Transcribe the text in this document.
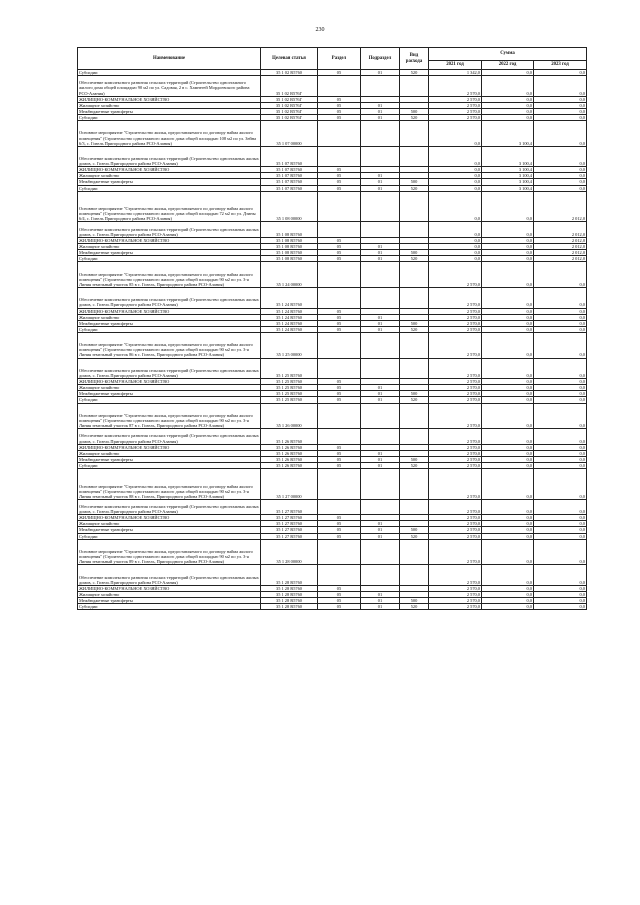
230
Наименование	Целевая статья	Раздел	Подраздел	Вид расхода	Сумма		
					2021 год	2022 год	2023 год
Субсидии	35 1 02 R5760	05	01	520	1 342,0	0,0	0,0
Обеспечение комплексного развития сельских территорий (Строительство одноэтажного жилого дома общей площадью 90 м2 по ул. Садовая, 2 в с. Хамнегей Мордоевского района РСО-Алания)	35 1 02 R576Г				2 570,0	0,0	0,0
ЖИЛИЩНО-КОММУНАЛЬНОЕ ХОЗЯЙСТВО	35 1 02 R576Г	05			2 570,0	0,0	0,0
Жилищное хозяйство	35 1 02 R576Г	05	01		2 570,0	0,0	0,0
Межбюджетные трансферты	35 1 02 R576Г	05	01	500	2 570,0	0,0	0,0
Субсидии	35 1 02 R576Г	05	01	520	2 570,0	0,0	0,0
Основное мероприятие "Строительство жилья, предоставляемого по договору найма жилого помещения" (Строительство одноэтажного жилого дома общей площадью 108 м2 по ул. Зейна 6/3, с. Гизель Пригородного района РСО-Алания)	35 1 07 00000				0,0	3 100,4	0,0
Обеспечение комплексного развития сельских территорий (Строительство одноэтажных жилых домов, с. Гизель Пригородного района РСО-Алания)	35 1 07 R5760				0,0	3 100,4	0,0
ЖИЛИЩНО-КОММУНАЛЬНОЕ ХОЗЯЙСТВО	35 1 07 R5760	05			0,0	3 100,4	0,0
Жилищное хозяйство	35 1 07 R5760	05	01		0,0	3 100,4	0,0
Межбюджетные трансферты	35 1 07 R5760	05	01	500	0,0	3 100,4	0,0
Субсидии	35 1 07 R5760	05	01	520	0,0	3 100,4	0,0
Основное мероприятие "Строительство жилья, предоставляемого по договору найма жилого помещения" (Строительство одноэтажного жилого дома общей площадью 72 м2 по ул. Дзины 6/4, с. Гизель Пригородного района РСО-Алания)	35 1 08 00000				0,0	0,0	2 012,0
Обеспечение комплексного развития сельских территорий (Строительство одноэтажных жилых домов, с. Гизель Пригородного района РСО-Алания)	35 1 08 R5760				0,0	0,0	2 012,0
ЖИЛИЩНО-КОММУНАЛЬНОЕ ХОЗЯЙСТВО	35 1 08 R5760	05			0,0	0,0	2 012,0
Жилищное хозяйство	35 1 08 R5760	05	01		0,0	0,0	2 012,0
Межбюджетные трансферты	35 1 08 R5760	05	01	500	0,0	0,0	2 012,0
Субсидии	35 1 08 R5760	05	01	520	0,0	0,0	2 012,0
Основное мероприятие "Строительство жилья, предоставляемого по договору найма жилого помещения" (Строительство одноэтажного жилого дома общей площадью 90 м2 по ул. 3-я Линия земельный участок 85 в с. Гизель, Пригородного района РСО-Алания)	35 1 24 00000				2 570,0	0,0	0,0
Обеспечение комплексного развития сельских территорий (Строительство одноэтажных жилых домов, с. Гизель Пригородного района РСО-Алания)	35 1 24 R5760				2 570,0	0,0	0,0
ЖИЛИЩНО-КОММУНАЛЬНОЕ ХОЗЯЙСТВО	35 1 24 R5760	05			2 570,0	0,0	0,0
Жилищное хозяйство	35 1 24 R5760	05	01		2 570,0	0,0	0,0
Межбюджетные трансферты	35 1 24 R5760	05	01	500	2 570,0	0,0	0,0
Субсидии	35 1 24 R5760	05	01	520	2 570,0	0,0	0,0
Основное мероприятие "Строительство жилья, предоставляемого по договору найма жилого помещения" (Строительство одноэтажного жилого дома общей площадью 90 м2 по ул. 3-я Линия земельный участок 86 в с. Гизель, Пригородного района РСО-Алания)	35 1 25 00000				2 570,0	0,0	0,0
Обеспечение комплексного развития сельских территорий (Строительство одноэтажных жилых домов, с. Гизель Пригородного района РСО-Алания)	35 1 25 R5760				2 570,0	0,0	0,0
ЖИЛИЩНО-КОММУНАЛЬНОЕ ХОЗЯЙСТВО	35 1 25 R5760	05			2 570,0	0,0	0,0
Жилищное хозяйство	35 1 25 R5760	05	01		2 570,0	0,0	0,0
Межбюджетные трансферты	35 1 25 R5760	05	01	500	2 570,0	0,0	0,0
Субсидии	35 1 25 R5760	05	01	520	2 570,0	0,0	0,0
Основное мероприятие "Строительство жилья, предоставляемого по договору найма жилого помещения" (Строительство одноэтажного жилого дома общей площадью 90 м2 по ул. 3-я Линия земельный участок 87 в с. Гизель, Пригородного района РСО-Алания)	35 1 26 00000				2 570,0	0,0	0,0
Обеспечение комплексного развития сельских территорий (Строительство одноэтажных жилых домов, с. Гизель Пригородного района РСО-Алания)	35 1 26 R5760				2 570,0	0,0	0,0
ЖИЛИЩНО-КОММУНАЛЬНОЕ ХОЗЯЙСТВО	35 1 26 R5760	05			2 570,0	0,0	0,0
Жилищное хозяйство	35 1 26 R5760	05	01		2 570,0	0,0	0,0
Межбюджетные трансферты	35 1 26 R5760	05	01	500	2 570,0	0,0	0,0
Субсидии	35 1 26 R5760	05	01	520	2 570,0	0,0	0,0
Основное мероприятие "Строительство жилья, предоставляемого по договору найма жилого помещения" (Строительство одноэтажного жилого дома общей площадью 90 м2 по ул. 3-я Линия земельный участок 88 в с. Гизель, Пригородного района РСО-Алания)	35 1 27 00000				2 570,0	0,0	0,0
Обеспечение комплексного развития сельских территорий (Строительство одноэтажных жилых домов, с. Гизель Пригородного района РСО-Алания)	35 1 27 R5760				2 570,0	0,0	0,0
ЖИЛИЩНО-КОММУНАЛЬНОЕ ХОЗЯЙСТВО	35 1 27 R5760	05			2 570,0	0,0	0,0
Жилищное хозяйство	35 1 27 R5760	05	01		2 570,0	0,0	0,0
Межбюджетные трансферты	35 1 27 R5760	05	01	500	2 570,0	0,0	0,0
Субсидии	35 1 27 R5760	05	01	520	2 570,0	0,0	0,0
Основное мероприятие "Строительство жилья, предоставляемого по договору найма жилого помещения" (Строительство одноэтажного жилого дома общей площадью 90 м2 по ул. 3-я Линия земельный участок 89 в с. Гизель, Пригородного района РСО-Алания)	35 1 28 00000				2 570,0	0,0	0,0
Обеспечение комплексного развития сельских территорий (Строительство одноэтажных жилых домов, с. Гизель Пригородного района РСО-Алания)	35 1 28 R5760				2 570,0	0,0	0,0
ЖИЛИЩНО-КОММУНАЛЬНОЕ ХОЗЯЙСТВО	35 1 28 R5760	05			2 570,0	0,0	0,0
Жилищное хозяйство	35 1 28 R5760	05	01		2 570,0	0,0	0,0
Межбюджетные трансферты	35 1 28 R5760	05	01	500	2 570,0	0,0	0,0
Субсидии	35 1 28 R5760	05	01	520	2 570,0	0,0	0,0
